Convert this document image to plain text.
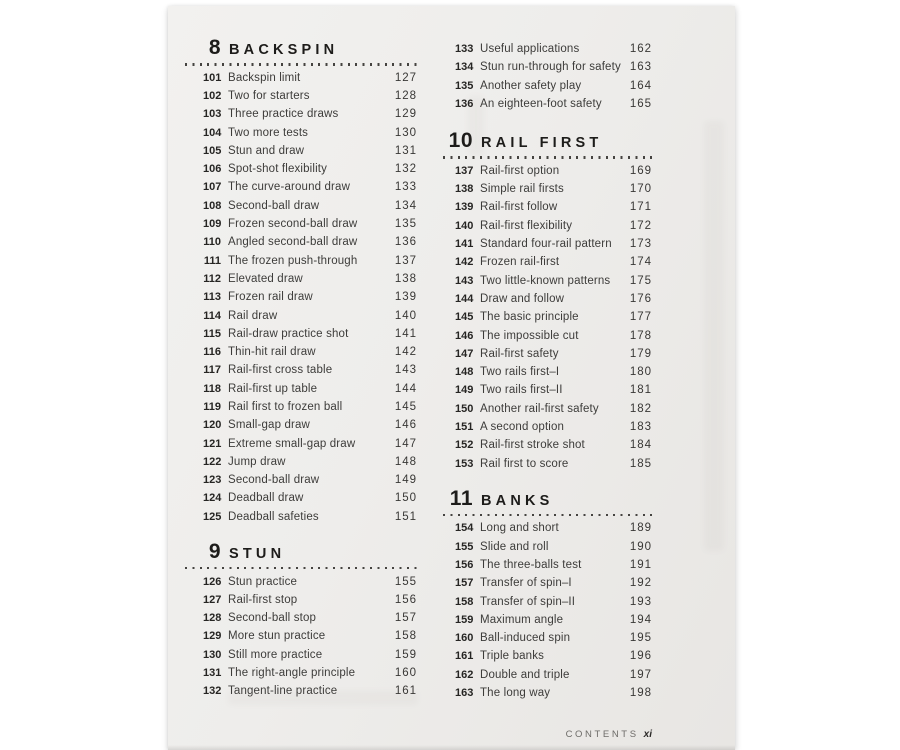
8 BACKSPIN
101 Backspin limit	127
102 Two for starters	128
103 Three practice draws	129
104 Two more tests	130
105 Stun and draw	131
106 Spot-shot flexibility	132
107 The curve-around draw	133
108 Second-ball draw	134
109 Frozen second-ball draw	135
110 Angled second-ball draw	136
111 The frozen push-through	137
112 Elevated draw	138
113 Frozen rail draw	139
114 Rail draw	140
115 Rail-draw practice shot	141
116 Thin-hit rail draw	142
117 Rail-first cross table	143
118 Rail-first up table	144
119 Rail first to frozen ball	145
120 Small-gap draw	146
121 Extreme small-gap draw	147
122 Jump draw	148
123 Second-ball draw	149
124 Deadball draw	150
125 Deadball safeties	151
9 STUN
126 Stun practice	155
127 Rail-first stop	156
128 Second-ball stop	157
129 More stun practice	158
130 Still more practice	159
131 The right-angle principle	160
132 Tangent-line practice	161
133 Useful applications	162
134 Stun run-through for safety 163
135 Another safety play	164
136 An eighteen-foot safety	165
10 RAIL FIRST
137 Rail-first option	169
138 Simple rail firsts	170
139 Rail-first follow	171
140 Rail-first flexibility	172
141 Standard four-rail pattern	173
142 Frozen rail-first	174
143 Two little-known patterns	175
144 Draw and follow	176
145 The basic principle	177
146 The impossible cut	178
147 Rail-first safety	179
148 Two rails first–I	180
149 Two rails first–II	181
150 Another rail-first safety	182
151 A second option	183
152 Rail-first stroke shot	184
153 Rail first to score	185
11 BANKS
154 Long and short	189
155 Slide and roll	190
156 The three-balls test	191
157 Transfer of spin–I	192
158 Transfer of spin–II	193
159 Maximum angle	194
160 Ball-induced spin	195
161 Triple banks	196
162 Double and triple	197
163 The long way	198
CONTENTS xi
